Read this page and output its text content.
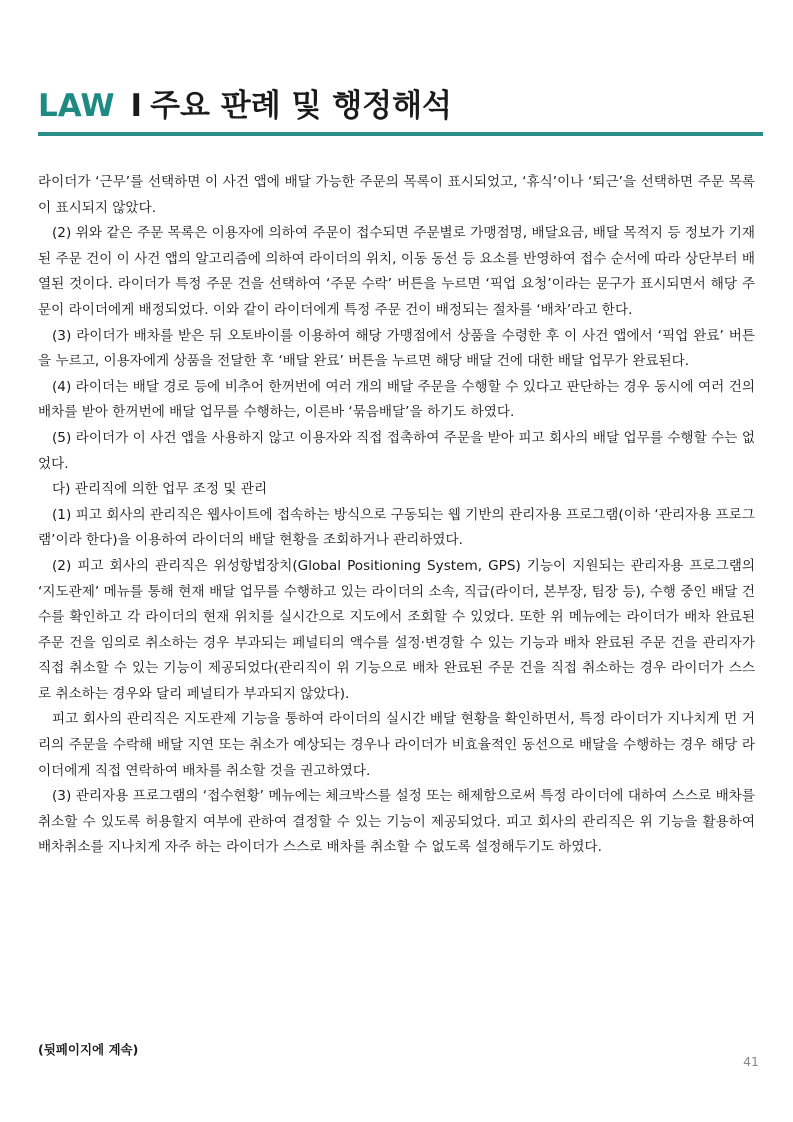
LAW I 주요 판례 및 행정해석

라이더가 ‘근무’를 선택하면 이 사건 앱에 배달 가능한 주문의 목록이 표시되었고, ‘휴식’이나 ‘퇴근’을 선택하면 주문 목록이 표시되지 않았다.

(2) 위와 같은 주문 목록은 이용자에 의하여 주문이 접수되면 주문별로 가맹점명, 배달요금, 배달 목적지 등 정보가 기재된 주문 건이 이 사건 앱의 알고리즘에 의하여 라이더의 위치, 이동 동선 등 요소를 반영하여 접수 순서에 따라 상단부터 배열된 것이다. 라이더가 특정 주문 건을 선택하여 ‘주문 수락’ 버튼을 누르면 ‘픽업 요청’이라는 문구가 표시되면서 해당 주문이 라이더에게 배정되었다. 이와 같이 라이더에게 특정 주문 건이 배정되는 절차를 ‘배차’라고 한다.

(3) 라이더가 배차를 받은 뒤 오토바이를 이용하여 해당 가맹점에서 상품을 수령한 후 이 사건 앱에서 ‘픽업 완료’ 버튼을 누르고, 이용자에게 상품을 전달한 후 ‘배달 완료’ 버튼을 누르면 해당 배달 건에 대한 배달 업무가 완료된다.

(4) 라이더는 배달 경로 등에 비추어 한꺼번에 여러 개의 배달 주문을 수행할 수 있다고 판단하는 경우 동시에 여러 건의 배차를 받아 한꺼번에 배달 업무를 수행하는, 이른바 ‘묶음배달’을 하기도 하였다.

(5) 라이더가 이 사건 앱을 사용하지 않고 이용자와 직접 접촉하여 주문을 받아 피고 회사의 배달 업무를 수행할 수는 없었다.

다) 관리직에 의한 업무 조정 및 관리

(1) 피고 회사의 관리직은 웹사이트에 접속하는 방식으로 구동되는 웹 기반의 관리자용 프로그램(이하 ‘관리자용 프로그램’이라 한다)을 이용하여 라이더의 배달 현황을 조회하거나 관리하였다.

(2) 피고 회사의 관리직은 위성항법장치(Global Positioning System, GPS) 기능이 지원되는 관리자용 프로그램의 ‘지도관제’ 메뉴를 통해 현재 배달 업무를 수행하고 있는 라이더의 소속, 직급(라이더, 본부장, 팀장 등), 수행 중인 배달 건수를 확인하고 각 라이더의 현재 위치를 실시간으로 지도에서 조회할 수 있었다. 또한 위 메뉴에는 라이더가 배차 완료된 주문 건을 임의로 취소하는 경우 부과되는 페널티의 액수를 설정·변경할 수 있는 기능과 배차 완료된 주문 건을 관리자가 직접 취소할 수 있는 기능이 제공되었다(관리직이 위 기능으로 배차 완료된 주문 건을 직접 취소하는 경우 라이더가 스스로 취소하는 경우와 달리 페널티가 부과되지 않았다).

피고 회사의 관리직은 지도관제 기능을 통하여 라이더의 실시간 배달 현황을 확인하면서, 특정 라이더가 지나치게 먼 거리의 주문을 수락해 배달 지연 또는 취소가 예상되는 경우나 라이더가 비효율적인 동선으로 배달을 수행하는 경우 해당 라이더에게 직접 연락하여 배차를 취소할 것을 권고하였다.

(3) 관리자용 프로그램의 ‘접수현황’ 메뉴에는 체크박스를 설정 또는 해제함으로써 특정 라이더에 대하여 스스로 배차를 취소할 수 있도록 허용할지 여부에 관하여 결정할 수 있는 기능이 제공되었다. 피고 회사의 관리직은 위 기능을 활용하여 배차취소를 지나치게 자주 하는 라이더가 스스로 배차를 취소할 수 없도록 설정해두기도 하였다.

(뒷페이지에 계속)
41
